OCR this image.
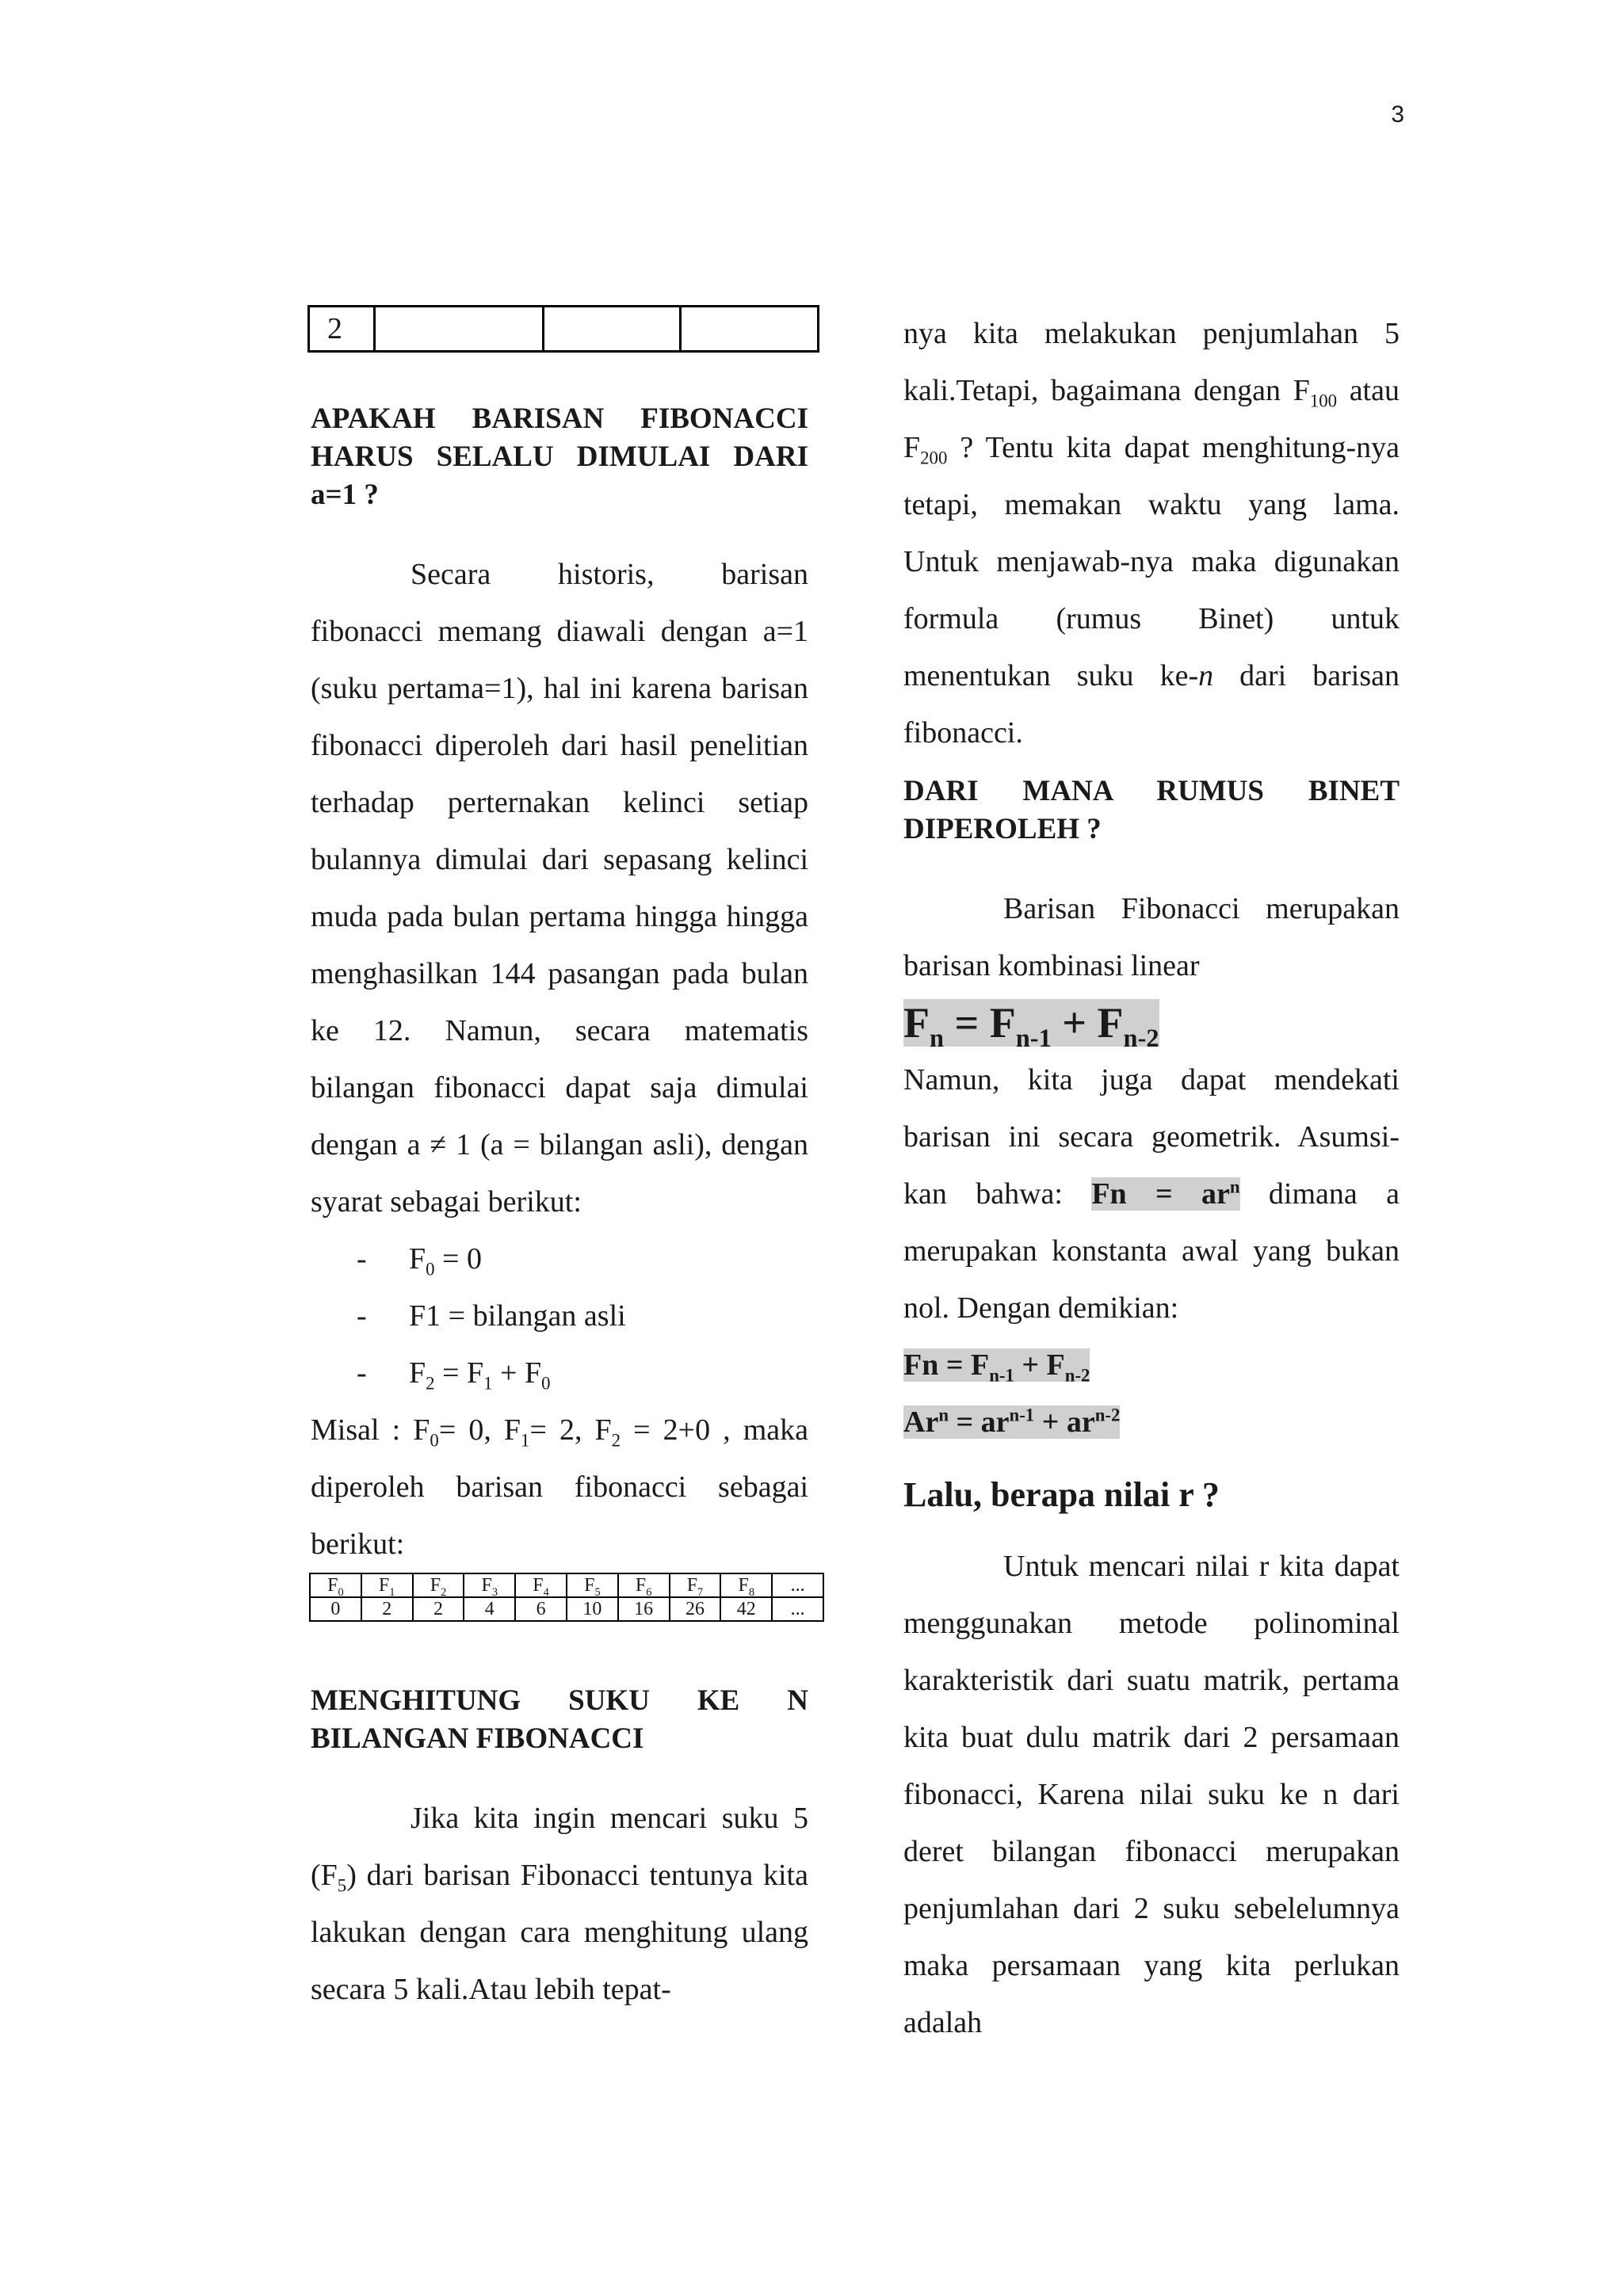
3
2			
APAKAH BARISAN FIBONACCI HARUS SELALU DIMULAI DARI a=1 ?

Secara historis, barisan fibonacci memang diawali dengan a=1 (suku pertama=1), hal ini karena barisan fibonacci diperoleh dari hasil penelitian terhadap perternakan kelinci setiap bulannya dimulai dari sepasang kelinci muda pada bulan pertama hingga hingga menghasilkan 144 pasangan pada bulan ke 12. Namun, secara matematis bilangan fibonacci dapat saja dimulai dengan a ≠ 1 (a = bilangan asli), dengan syarat sebagai berikut:

- $F_0 = 0$
- F1 = bilangan asli
- $F_2 = F_1 + F_0$

Misal : $F_0= 0$, $F_1= 2$, $F_2 = 2+0$ , maka diperoleh barisan fibonacci sebagai berikut:

$F_0$	$F_1$	$F_2$	$F_3$	$F_4$	$F_5$	$F_6$	$F_7$	$F_8$	...
0	2	2	4	6	10	16	26	42	...
MENGHITUNG SUKU KE N BILANGAN FIBONACCI

Jika kita ingin mencari suku 5 $(F_5)$ dari barisan Fibonacci tentunya kita lakukan dengan cara menghitung ulang secara 5 kali.Atau lebih tepat-

nya kita melakukan penjumlahan 5 kali.Tetapi, bagaimana dengan $F_{100}$ atau $F_{200}$ ? Tentu kita dapat menghitung-nya tetapi, memakan waktu yang lama. Untuk menjawab-nya maka digunakan formula (rumus Binet) untuk menentukan suku ke-n dari barisan fibonacci.

DARI MANA RUMUS BINET DIPEROLEH ?

Barisan Fibonacci merupakan barisan kombinasi linear

$F_n = F_{n-1} + F_{n-2}$

Namun, kita juga dapat mendekati barisan ini secara geometrik. Asumsi-kan bahwa: $Fn = ar^n$ dimana a merupakan konstanta awal yang bukan nol. Dengan demikian:

$Fn = F_{n-1} + F_{n-2}$
$Ar^n = ar^{n-1} + ar^{n-2}$
Lalu, berapa nilai r ?

Untuk mencari nilai r kita dapat menggunakan metode polinominal karakteristik dari suatu matrik, pertama kita buat dulu matrik dari 2 persamaan fibonacci, Karena nilai suku ke n dari deret bilangan fibonacci merupakan penjumlahan dari 2 suku sebelelumnya maka persamaan yang kita perlukan adalah
